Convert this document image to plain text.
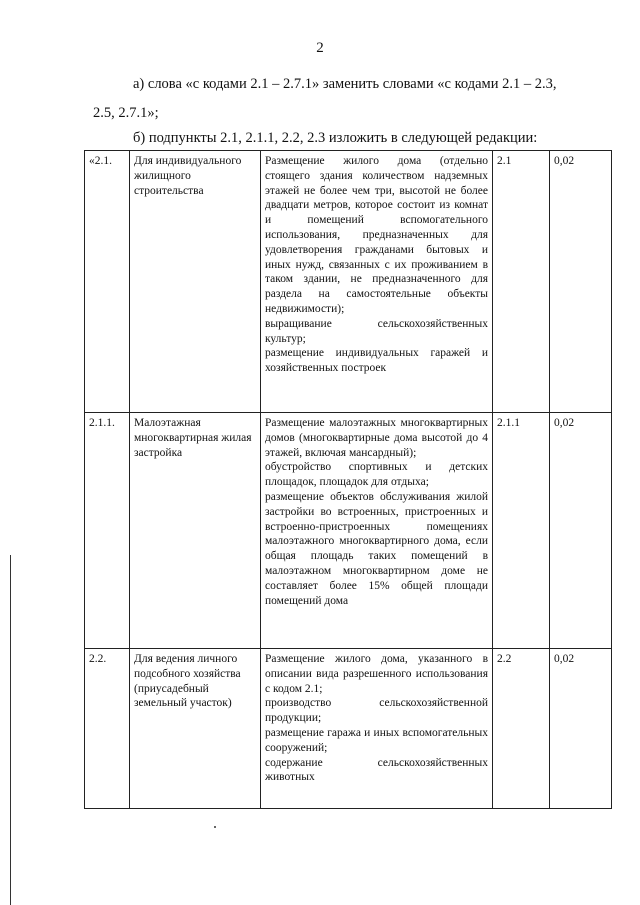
2
а) слова «с кодами 2.1 – 2.7.1» заменить словами «с кодами 2.1 – 2.3,
2.5, 2.7.1»;
б) подпункты 2.1, 2.1.1, 2.2, 2.3 изложить в следующей редакции:
«2.1.	Для индивидуального жилищного строительства	Размещение жилого дома (отдельно стоящего здания количеством надземных этажей не более чем три, высотой не более двадцати метров, которое состоит из комнат и помещений вспомогательного использования, предназначенных для удовлетворения гражданами бытовых и иных нужд, связанных с их проживанием в таком здании, не предназначенного для раздела на самостоятельные объекты недвижимости);
выращивание сельскохозяйственных культур;
размещение индивидуальных гаражей и хозяйственных построек	2.1	0,02
2.1.1.	Малоэтажная многоквартирная жилая застройка	Размещение малоэтажных многоквартирных домов (многоквартирные дома высотой до 4 этажей, включая мансардный);
обустройство спортивных и детских площадок, площадок для отдыха;
размещение объектов обслуживания жилой застройки во встроенных, пристроенных и встроенно-пристроенных помещениях малоэтажного многоквартирного дома, если общая площадь таких помещений в малоэтажном многоквартирном доме не составляет более 15% общей площади помещений дома	2.1.1	0,02
2.2.	Для ведения личного подсобного хозяйства (приусадебный земельный участок)	Размещение жилого дома, указанного в описании вида разрешенного использования с кодом 2.1;
производство сельскохозяйственной продукции;
размещение гаража и иных вспомогательных сооружений;
содержание сельскохозяйственных животных	2.2	0,02
